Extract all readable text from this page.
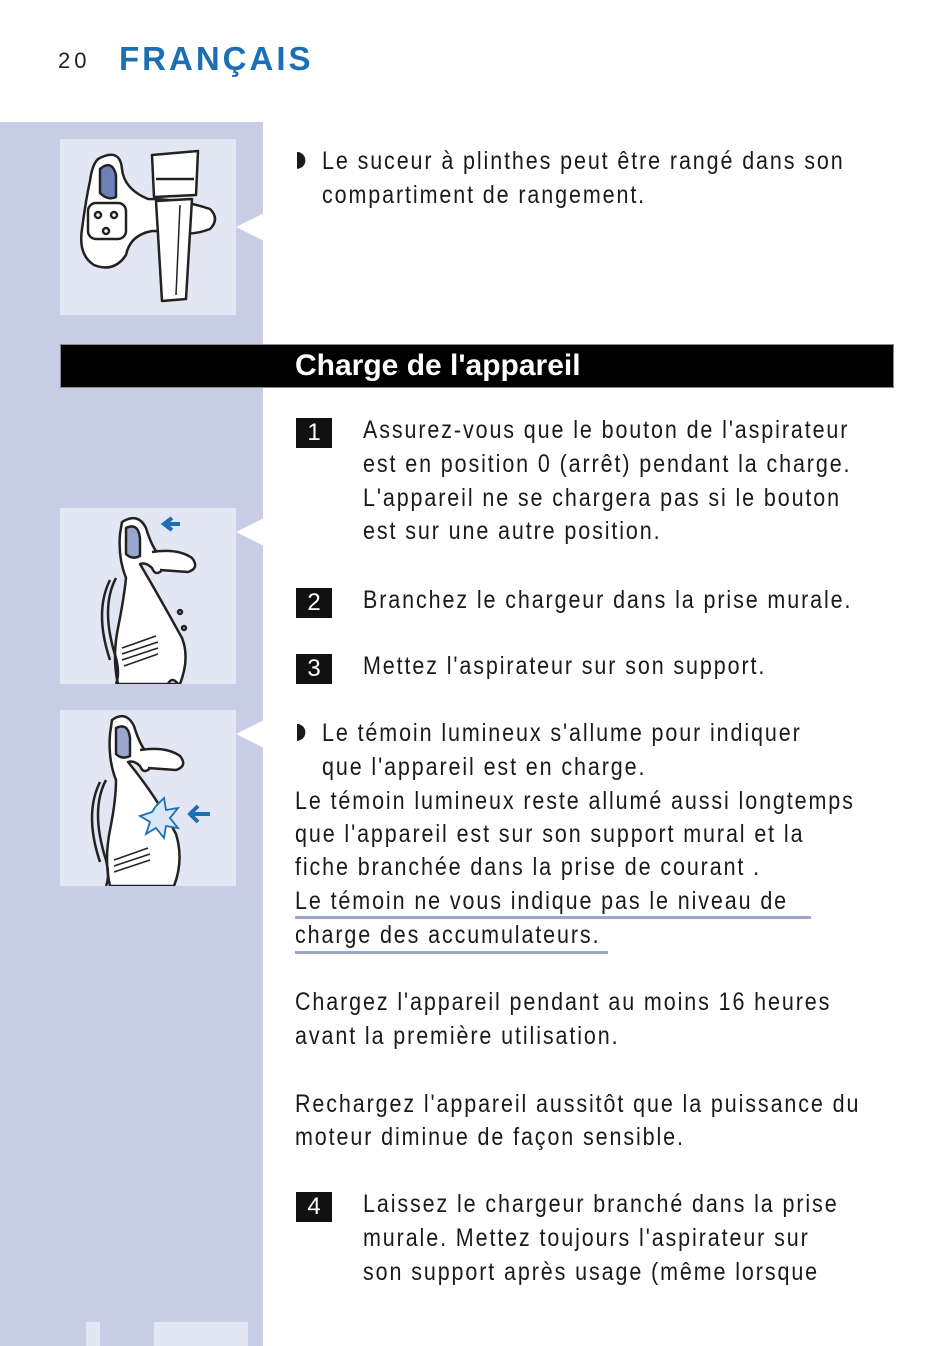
20 FRANÇAIS
◗ Le suceur à plinthes peut être rangé dans son
compartiment de rangement.
Charge de l'appareil
1	Assurez-vous que le bouton de l'aspirateur
est en position 0 (arrêt) pendant la charge.
L'appareil ne se chargera pas si le bouton
est sur une autre position.
2	Branchez le chargeur dans la prise murale.
3	Mettez l'aspirateur sur son support.
◗ Le témoin lumineux s'allume pour indiquer
que l'appareil est en charge.
Le témoin lumineux reste allumé aussi longtemps
que l'appareil est sur son support mural et la
fiche branchée dans la prise de courant .
Le témoin ne vous indique pas le niveau de
charge des accumulateurs.
Chargez l'appareil pendant au moins 16 heures
avant la première utilisation.
Rechargez l'appareil aussitôt que la puissance du
moteur diminue de façon sensible.
4	Laissez le chargeur branché dans la prise
murale. Mettez toujours l'aspirateur sur
son support après usage (même lorsque
